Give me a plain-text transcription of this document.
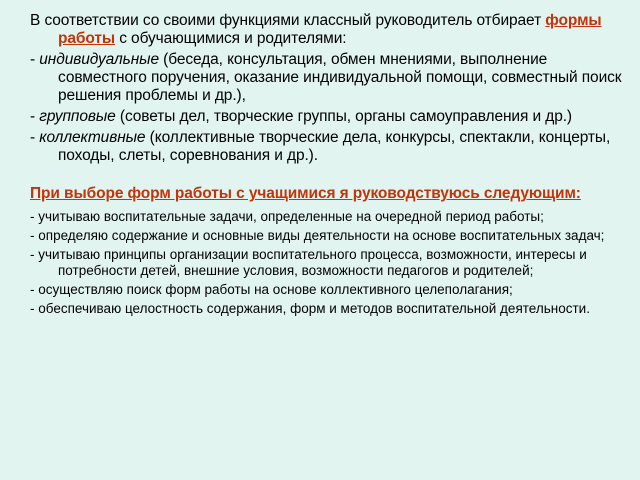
В соответствии со своими функциями классный руководитель отбирает формы работы с обучающимися и родителями:

- индивидуальные (беседа, консультация, обмен мнениями, выполнение совместного поручения, оказание индивидуальной помощи, совместный поиск решения проблемы и др.),

- групповые (советы дел, творческие группы, органы самоуправления и др.)

- коллективные (коллективные творческие дела, конкурсы, спектакли, концерты, походы, слеты, соревнования и др.).

При выборе форм работы с учащимися я руководствуюсь следующим:

- учитываю воспитательные задачи, определенные на очередной период работы;

- определяю содержание и основные виды деятельности на основе воспитательных задач;

- учитываю принципы организации воспитательного процесса, возможности, интересы и потребности детей, внешние условия, возможности педагогов и родителей;

- осуществляю поиск форм работы на основе коллективного целеполагания;

- обеспечиваю целостность содержания, форм и методов воспитательной деятельности.
